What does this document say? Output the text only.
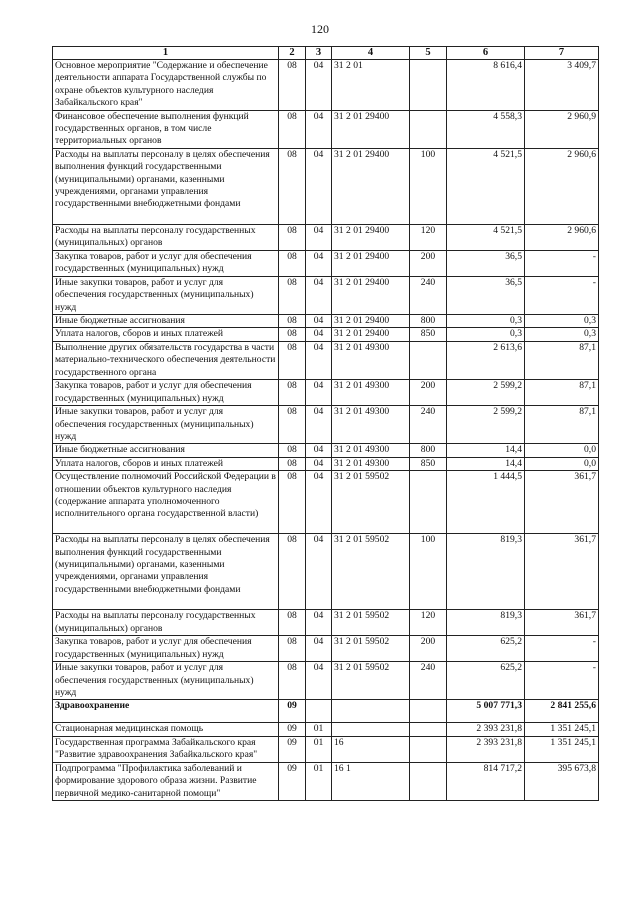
120
1	2	3	4	5	6	7
Основное мероприятие "Содержание и обеспечение деятельности аппарата Государственной службы по охране объектов культурного наследия Забайкальского края"	08	04	31 2 01		8 616,4	3 409,7
Финансовое обеспечение выполнения функций государственных органов, в том числе территориальных органов	08	04	31 2 01 29400		4 558,3	2 960,9
Расходы на выплаты персоналу в целях обеспечения выполнения функций государственными (муниципальными) органами, казенными учреждениями, органами управления государственными внебюджетными фондами	08	04	31 2 01 29400	100	4 521,5	2 960,6
Расходы на выплаты персоналу государственных (муниципальных) органов	08	04	31 2 01 29400	120	4 521,5	2 960,6
Закупка товаров, работ и услуг для обеспечения государственных (муниципальных) нужд	08	04	31 2 01 29400	200	36,5	-
Иные закупки товаров, работ и услуг для обеспечения государственных (муниципальных) нужд	08	04	31 2 01 29400	240	36,5	-
Иные бюджетные ассигнования	08	04	31 2 01 29400	800	0,3	0,3
Уплата налогов, сборов и иных платежей	08	04	31 2 01 29400	850	0,3	0,3
Выполнение других обязательств государства в части материально-технического обеспечения деятельности государственного органа	08	04	31 2 01 49300		2 613,6	87,1
Закупка товаров, работ и услуг для обеспечения государственных (муниципальных) нужд	08	04	31 2 01 49300	200	2 599,2	87,1
Иные закупки товаров, работ и услуг для обеспечения государственных (муниципальных) нужд	08	04	31 2 01 49300	240	2 599,2	87,1
Иные бюджетные ассигнования	08	04	31 2 01 49300	800	14,4	0,0
Уплата налогов, сборов и иных платежей	08	04	31 2 01 49300	850	14,4	0,0
Осуществление полномочий Российской Федерации в отношении объектов культурного наследия (содержание аппарата уполномоченного исполнительного органа государственной власти)	08	04	31 2 01 59502		1 444,5	361,7
Расходы на выплаты персоналу в целях обеспечения выполнения функций государственными (муниципальными) органами, казенными учреждениями, органами управления государственными внебюджетными фондами	08	04	31 2 01 59502	100	819,3	361,7
Расходы на выплаты персоналу государственных (муниципальных) органов	08	04	31 2 01 59502	120	819,3	361,7
Закупка товаров, работ и услуг для обеспечения государственных (муниципальных) нужд	08	04	31 2 01 59502	200	625,2	-
Иные закупки товаров, работ и услуг для обеспечения государственных (муниципальных) нужд	08	04	31 2 01 59502	240	625,2	-
Здравоохранение	09				5 007 771,3	2 841 255,6
Стационарная медицинская помощь	09	01			2 393 231,8	1 351 245,1
Государственная программа Забайкальского края "Развитие здравоохранения Забайкальского края"	09	01	16		2 393 231,8	1 351 245,1
Подпрограмма "Профилактика заболеваний и формирование здорового образа жизни. Развитие первичной медико-санитарной помощи"	09	01	16 1		814 717,2	395 673,8
